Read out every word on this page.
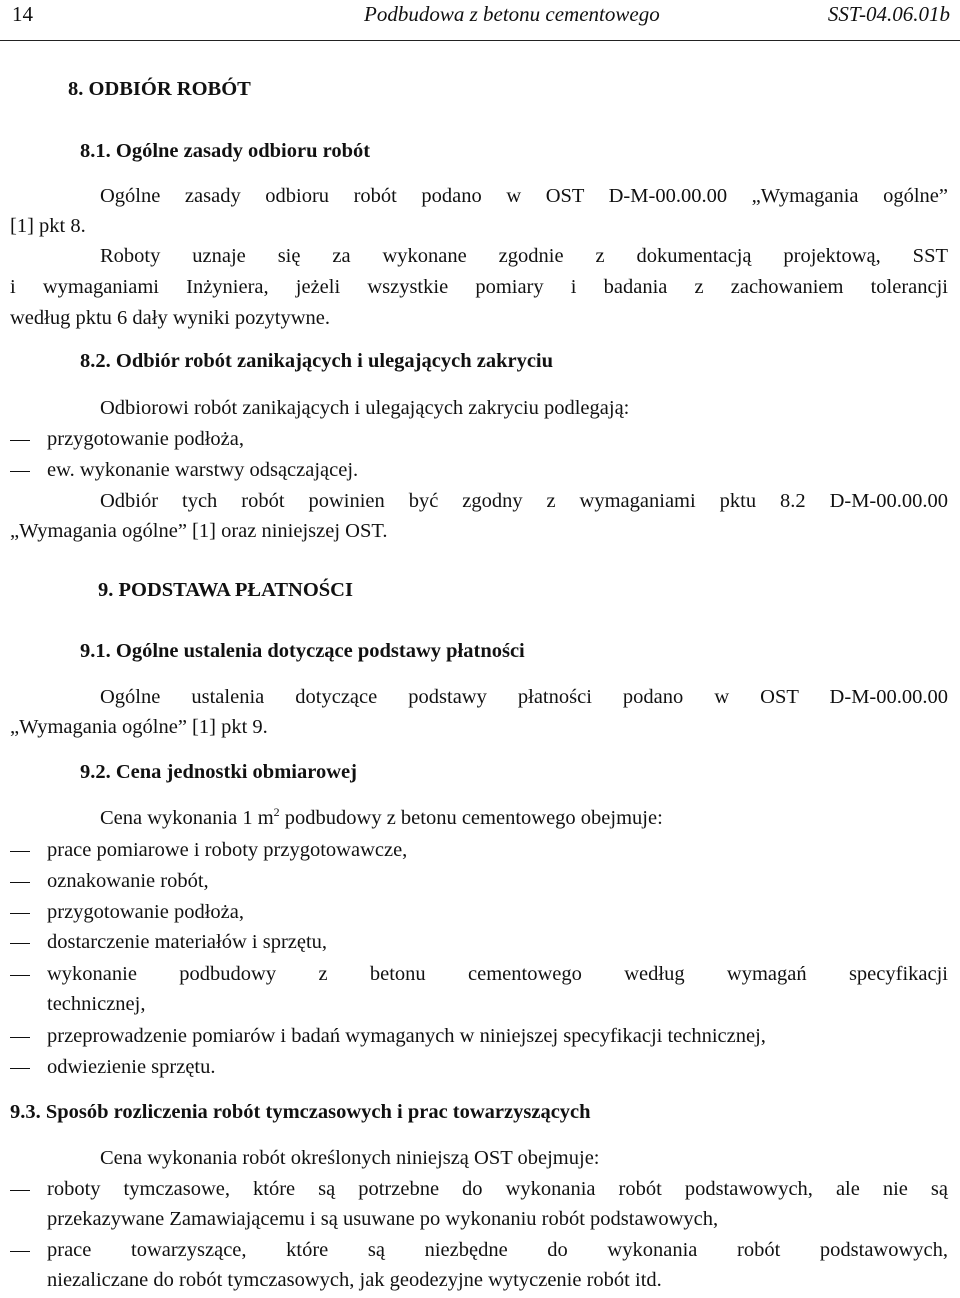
14	Podbudowa z betonu cementowego	SST-04.06.01b
8. ODBIÓR ROBÓT
8.1. Ogólne zasady odbioru robót
Ogólne zasady odbioru robót podano w OST D-M-00.00.00 „Wymagania ogólne”
[1] pkt 8.
Roboty uznaje się za wykonane zgodnie z dokumentacją projektową, SST
i wymaganiami Inżyniera, jeżeli wszystkie pomiary i badania z zachowaniem tolerancji
według pktu 6 dały wyniki pozytywne.
8.2. Odbiór robót zanikających i ulegających zakryciu
Odbiorowi robót zanikających i ulegających zakryciu podlegają:
przygotowanie podłoża,
ew. wykonanie warstwy odsączającej.
Odbiór tych robót powinien być zgodny z wymaganiami pktu 8.2 D-M-00.00.00
„Wymagania ogólne” [1] oraz niniejszej OST.
9. PODSTAWA PŁATNOŚCI
9.1. Ogólne ustalenia dotyczące podstawy płatności
Ogólne ustalenia dotyczące podstawy płatności podano w OST D-M-00.00.00
„Wymagania ogólne” [1] pkt 9.
9.2. Cena jednostki obmiarowej
Cena wykonania 1 $m^2$ podbudowy z betonu cementowego obejmuje:
prace pomiarowe i roboty przygotowawcze,
oznakowanie robót,
przygotowanie podłoża,
dostarczenie materiałów i sprzętu,
wykonanie podbudowy z betonu cementowego według wymagań specyfikacji
technicznej,
przeprowadzenie pomiarów i badań wymaganych w niniejszej specyfikacji technicznej,
odwiezienie sprzętu.
9.3. Sposób rozliczenia robót tymczasowych i prac towarzyszących
Cena wykonania robót określonych niniejszą OST obejmuje:
roboty tymczasowe, które są potrzebne do wykonania robót podstawowych, ale nie są
przekazywane Zamawiającemu i są usuwane po wykonaniu robót podstawowych,
prace towarzyszące, które są niezbędne do wykonania robót podstawowych,
niezaliczane do robót tymczasowych, jak geodezyjne wytyczenie robót itd.
